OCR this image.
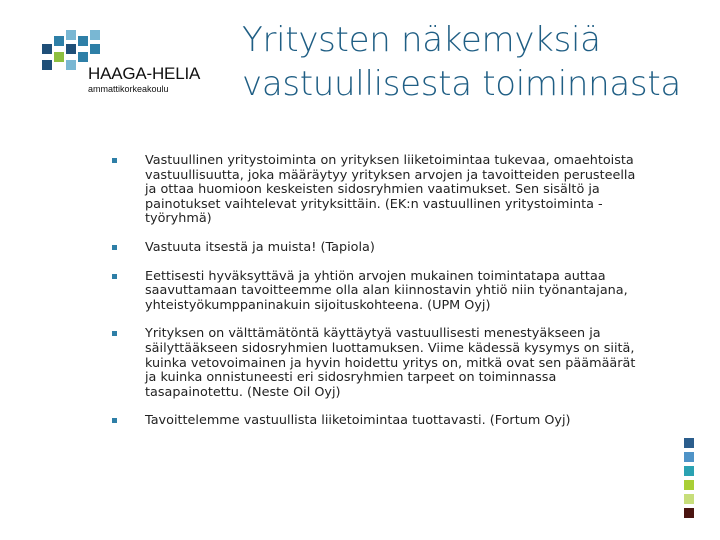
HAAGA-HELIA
ammattikorkeakoulu
Yritysten näkemyksiä
vastuullisesta toiminnasta
Vastuullinen yritystoiminta on yrityksen liiketoimintaa tukevaa, omaehtoista vastuullisuutta, joka määräytyy yrityksen arvojen ja tavoitteiden perusteella ja ottaa huomioon keskeisten sidosryhmien vaatimukset. Sen sisältö ja painotukset vaihtelevat yrityksittäin. (EK:n vastuullinen yritystoiminta -työryhmä)
Vastuuta itsestä ja muista! (Tapiola)
Eettisesti hyväksyttävä ja yhtiön arvojen mukainen toimintatapa auttaa saavuttamaan tavoitteemme olla alan kiinnostavin yhtiö niin työnantajana, yhteistyökumppaninakuin sijoituskohteena. (UPM Oyj)
Yrityksen on välttämätöntä käyttäytyä vastuullisesti menestyäkseen ja säilyttääkseen sidosryhmien luottamuksen. Viime kädessä kysymys on siitä, kuinka vetovoimainen ja hyvin hoidettu yritys on, mitkä ovat sen päämäärät ja kuinka onnistuneesti eri sidosryhmien tarpeet on toiminnassa tasapainotettu. (Neste Oil Oyj)
Tavoittelemme vastuullista liiketoimintaa tuottavasti. (Fortum Oyj)
